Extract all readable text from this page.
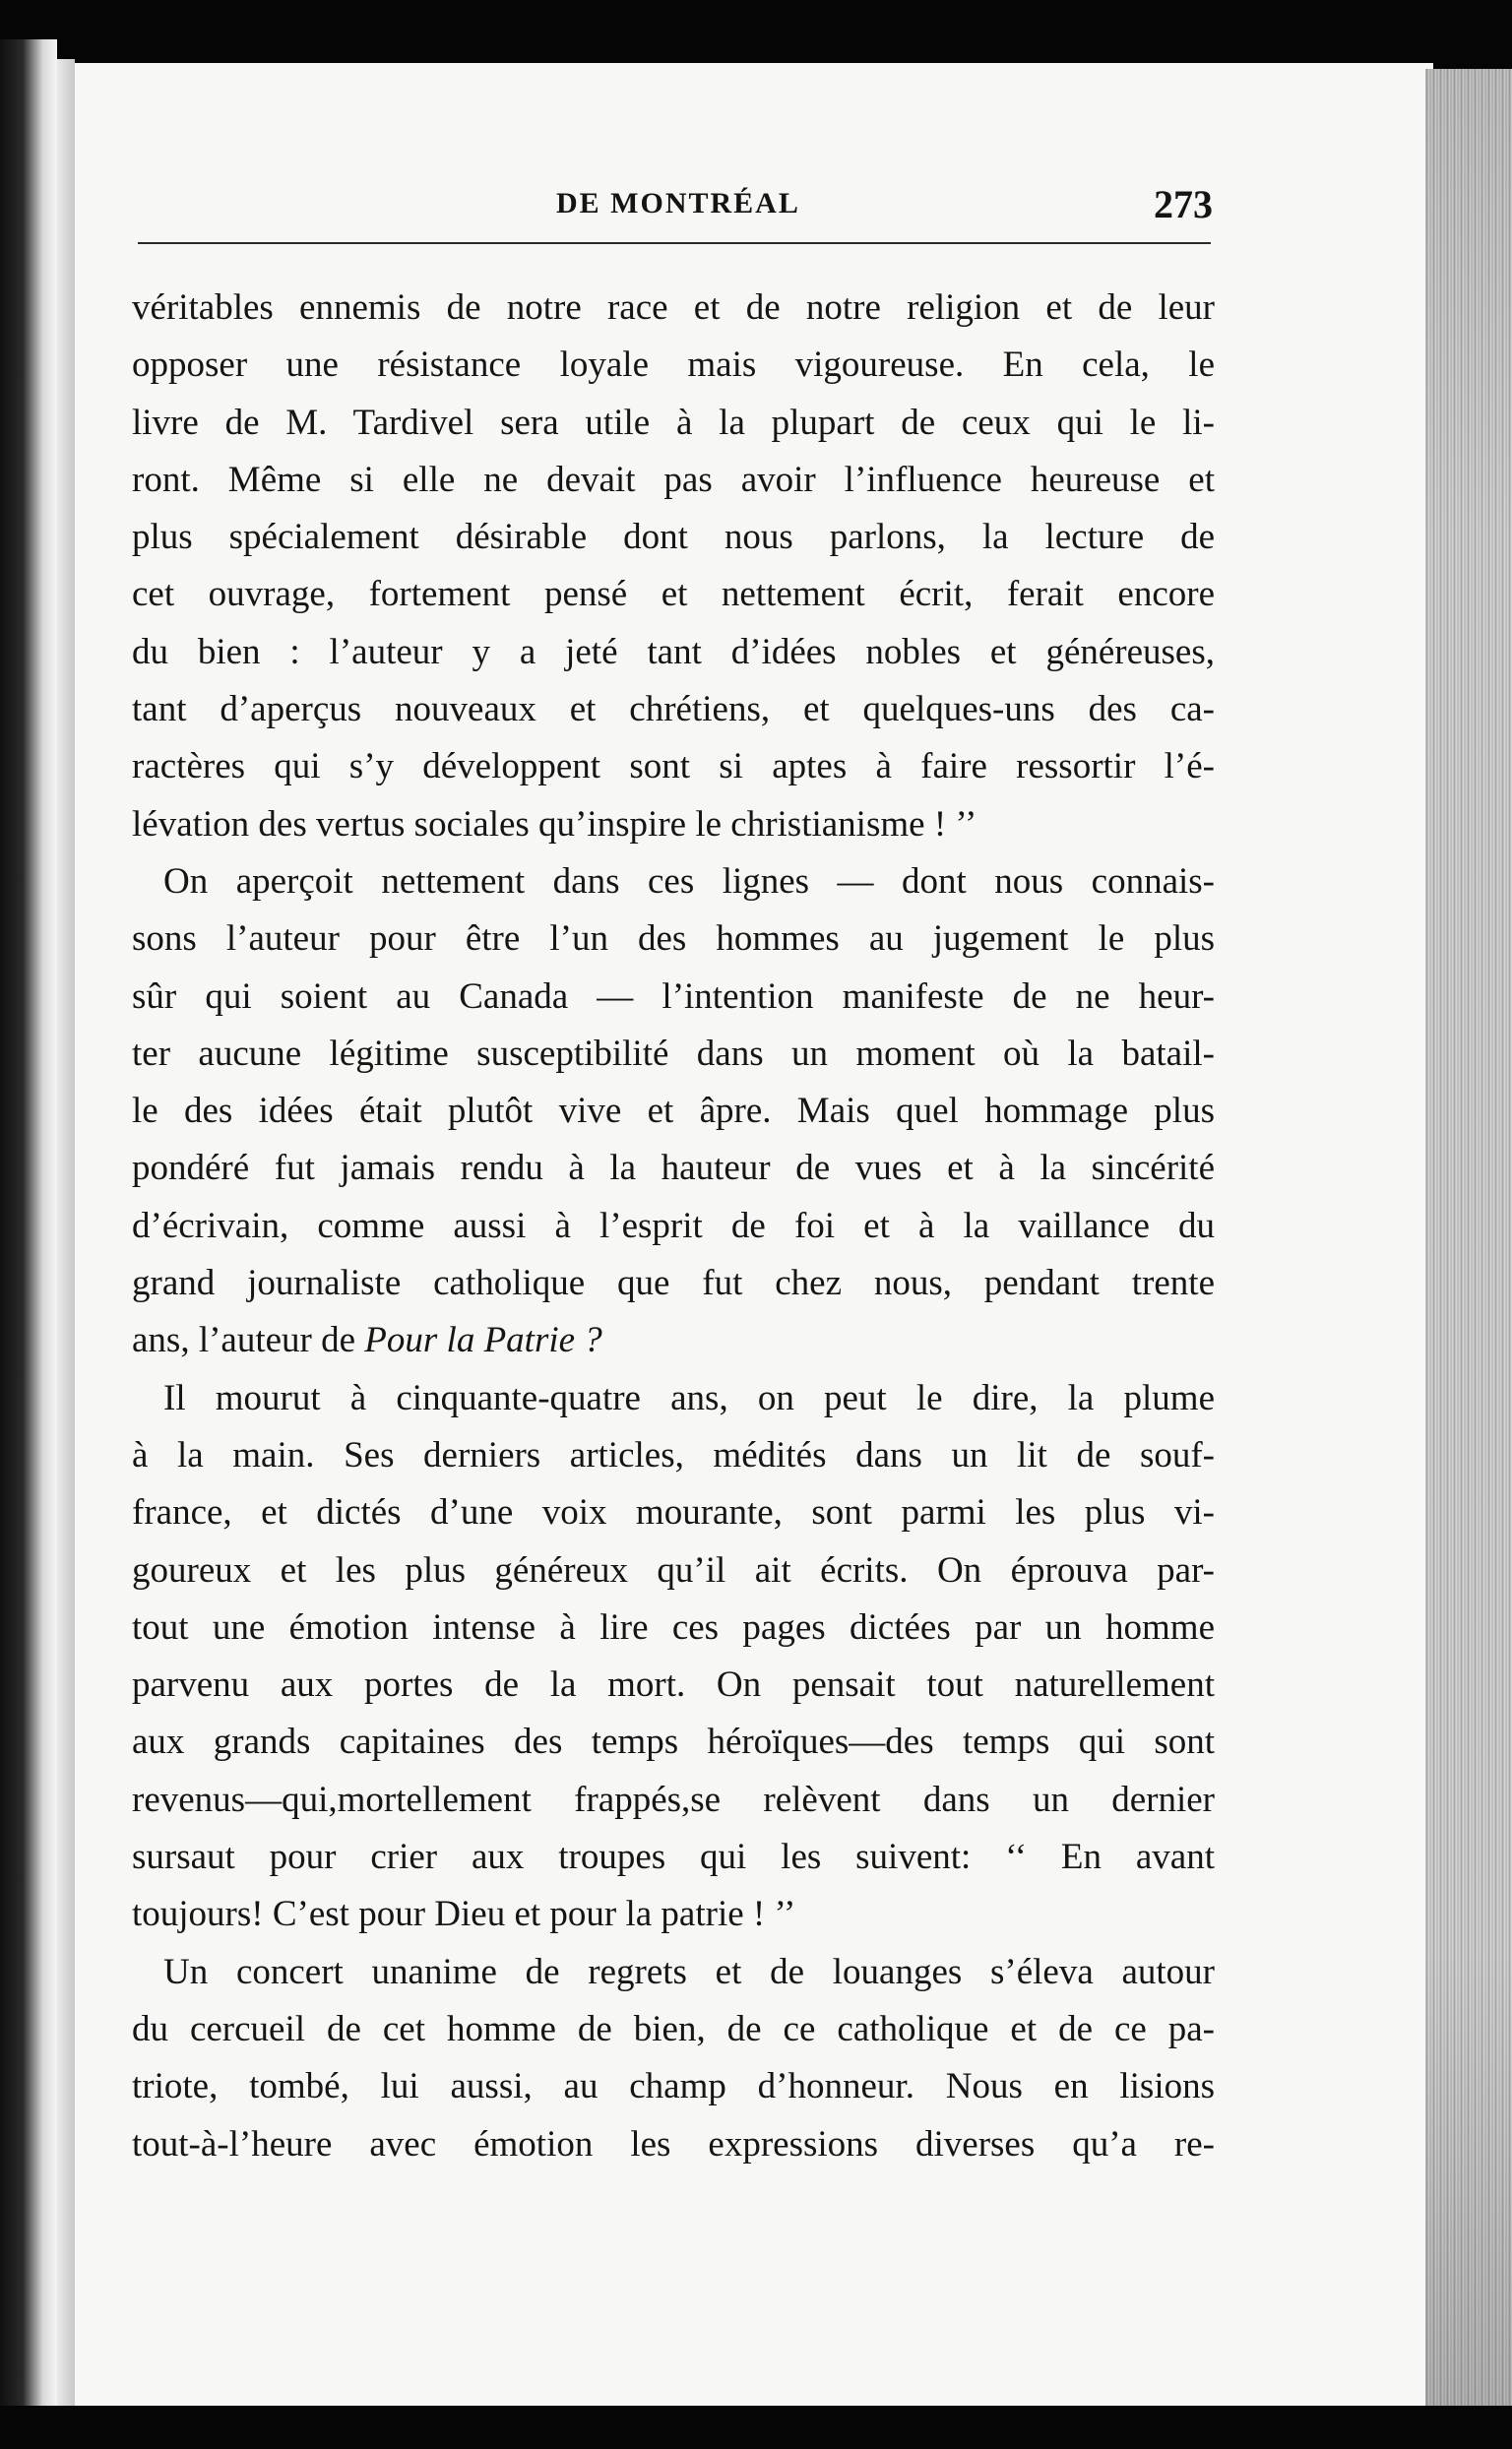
DE MONTRÉAL	273
véritables ennemis de notre race et de notre religion et de leur
opposer une résistance loyale mais vigoureuse. En cela, le
livre de M. Tardivel sera utile à la plupart de ceux qui le li-
ront. Même si elle ne devait pas avoir l’influence heureuse et
plus spécialement désirable dont nous parlons, la lecture de
cet ouvrage, fortement pensé et nettement écrit, ferait encore
du bien : l’auteur y a jeté tant d’idées nobles et généreuses,
tant d’aperçus nouveaux et chrétiens, et quelques-uns des ca-
ractères qui s’y développent sont si aptes à faire ressortir l’é-
lévation des vertus sociales qu’inspire le christianisme ! ’’
On aperçoit nettement dans ces lignes — dont nous connais-
sons l’auteur pour être l’un des hommes au jugement le plus
sûr qui soient au Canada — l’intention manifeste de ne heur-
ter aucune légitime susceptibilité dans un moment où la batail-
le des idées était plutôt vive et âpre. Mais quel hommage plus
pondéré fut jamais rendu à la hauteur de vues et à la sincérité
d’écrivain, comme aussi à l’esprit de foi et à la vaillance du
grand journaliste catholique que fut chez nous, pendant trente
ans, l’auteur de Pour la Patrie ?
Il mourut à cinquante-quatre ans, on peut le dire, la plume
à la main. Ses derniers articles, médités dans un lit de souf-
france, et dictés d’une voix mourante, sont parmi les plus vi-
goureux et les plus généreux qu’il ait écrits. On éprouva par-
tout une émotion intense à lire ces pages dictées par un homme
parvenu aux portes de la mort. On pensait tout naturellement
aux grands capitaines des temps héroïques—des temps qui sont
revenus—qui,mortellement frappés,se relèvent dans un dernier
sursaut pour crier aux troupes qui les suivent: ‘‘ En avant
toujours! C’est pour Dieu et pour la patrie ! ’’
Un concert unanime de regrets et de louanges s’éleva autour
du cercueil de cet homme de bien, de ce catholique et de ce pa-
triote, tombé, lui aussi, au champ d’honneur. Nous en lisions
tout-à-l’heure avec émotion les expressions diverses qu’a re-
